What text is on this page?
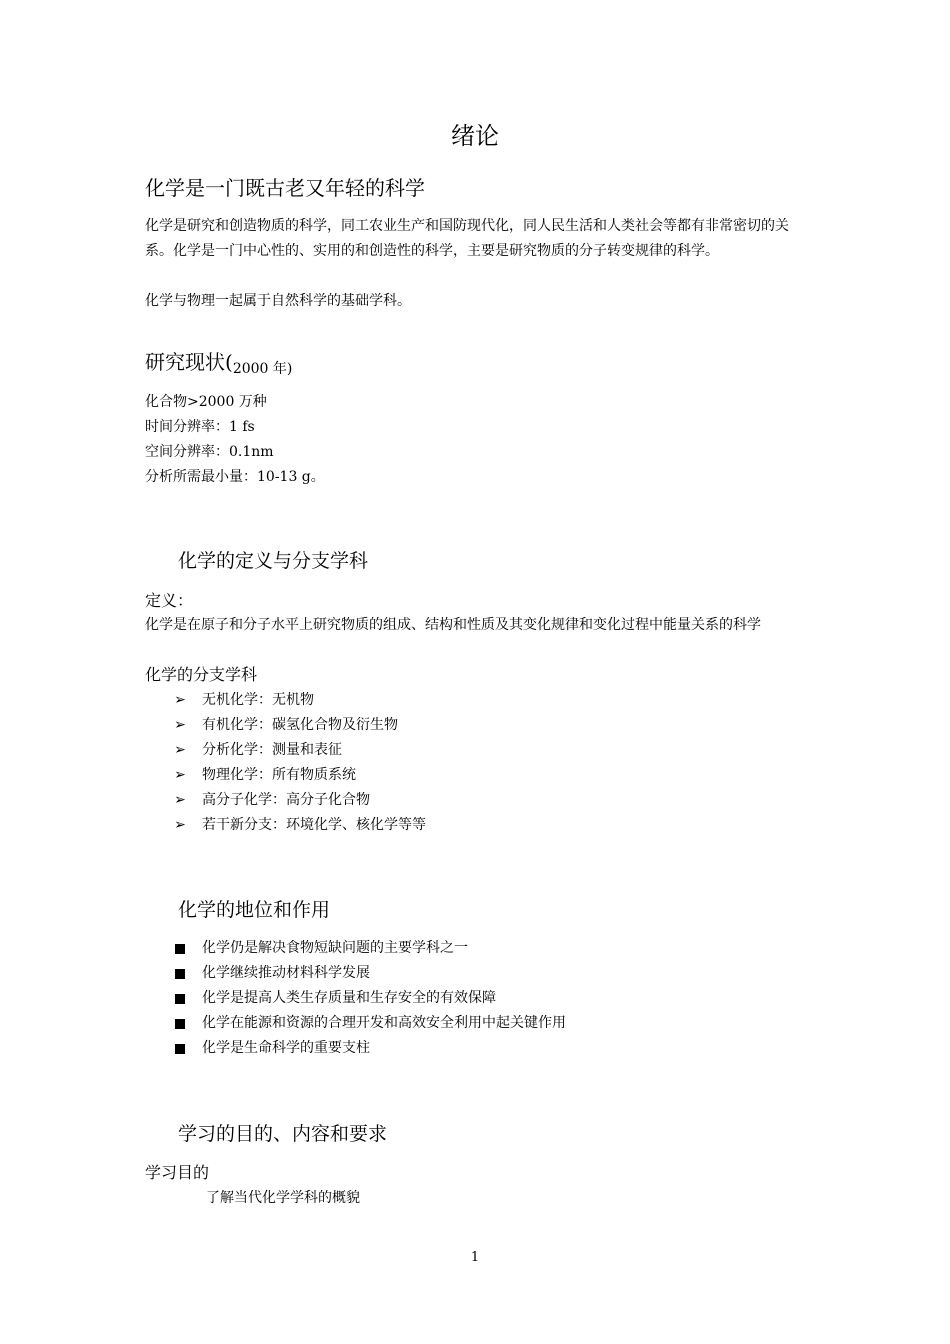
绪论
化学是一门既古老又年轻的科学
化学是研究和创造物质的科学，同工农业生产和国防现代化，同人民生活和人类社会等都有非常密切的关系。化学是一门中心性的、实用的和创造性的科学，主要是研究物质的分子转变规律的科学。
化学与物理一起属于自然科学的基础学科。
研究现状(2000 年)
化合物>2000 万种
时间分辨率：1 fs
空间分辨率：0.1nm
分析所需最小量：10-13 g。
化学的定义与分支学科
定义：
化学是在原子和分子水平上研究物质的组成、结构和性质及其变化规律和变化过程中能量关系的科学
化学的分支学科
➢ 无机化学：无机物
➢ 有机化学：碳氢化合物及衍生物
➢ 分析化学：测量和表征
➢ 物理化学：所有物质系统
➢ 高分子化学：高分子化合物
➢ 若干新分支：环境化学、核化学等等
化学的地位和作用
化学仍是解决食物短缺问题的主要学科之一
化学继续推动材料科学发展
化学是提高人类生存质量和生存安全的有效保障
化学在能源和资源的合理开发和高效安全利用中起关键作用
化学是生命科学的重要支柱
学习的目的、内容和要求
学习目的
了解当代化学学科的概貌
1
